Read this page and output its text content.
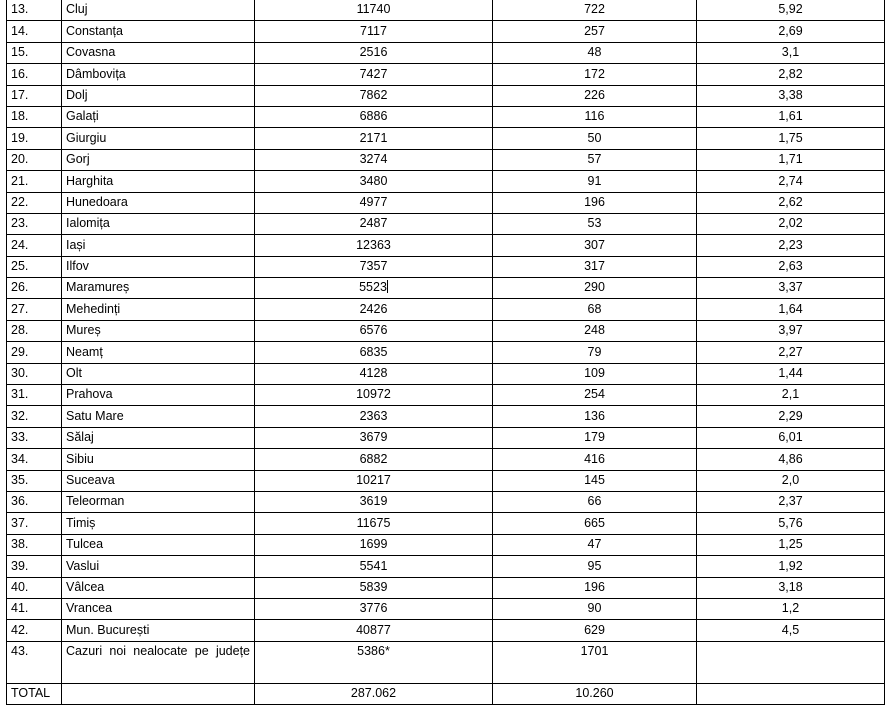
13.	Cluj	11740	722	5,92
14.	Constanța	7117	257	2,69
15.	Covasna	2516	48	3,1
16.	Dâmbovița	7427	172	2,82
17.	Dolj	7862	226	3,38
18.	Galați	6886	116	1,61
19.	Giurgiu	2171	50	1,75
20.	Gorj	3274	57	1,71
21.	Harghita	3480	91	2,74
22.	Hunedoara	4977	196	2,62
23.	Ialomița	2487	53	2,02
24.	Iași	12363	307	2,23
25.	Ilfov	7357	317	2,63
26.	Maramureș	5523	290	3,37
27.	Mehedinți	2426	68	1,64
28.	Mureș	6576	248	3,97
29.	Neamț	6835	79	2,27
30.	Olt	4128	109	1,44
31.	Prahova	10972	254	2,1
32.	Satu Mare	2363	136	2,29
33.	Sălaj	3679	179	6,01
34.	Sibiu	6882	416	4,86
35.	Suceava	10217	145	2,0
36.	Teleorman	3619	66	2,37
37.	Timiș	11675	665	5,76
38.	Tulcea	1699	47	1,25
39.	Vaslui	5541	95	1,92
40.	Vâlcea	5839	196	3,18
41.	Vrancea	3776	90	1,2
42.	Mun. București	40877	629	4,5
43.	Cazuri noi nealocate pe județe	5386*	1701	
TOTAL		287.062	10.260	
